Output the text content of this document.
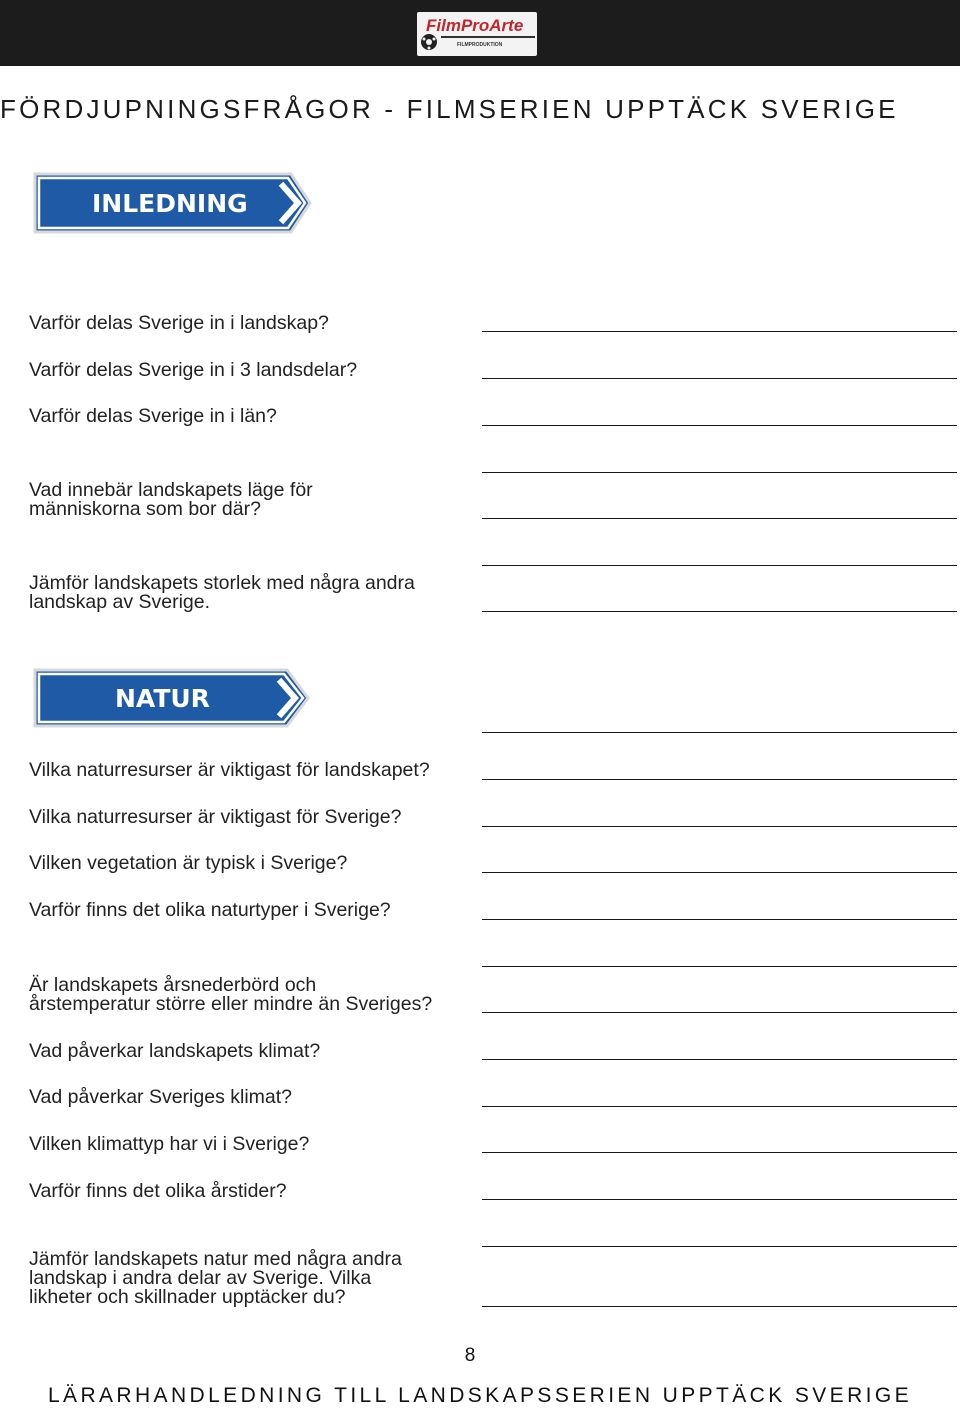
FilmProArte
FILMPRODUKTION
FÖRDJUPNINGSFRÅGOR - FILMSERIEN UPPTÄCK SVERIGE
INLEDNING
Varför delas Sverige in i landskap?
Varför delas Sverige in i 3 landsdelar?
Varför delas Sverige in i län?
Vad innebär landskapets läge för
människorna som bor där?
Jämför landskapets storlek med några andra
landskap av Sverige.
NATUR
Vilka naturresurser är viktigast för landskapet?
Vilka naturresurser är viktigast för Sverige?
Vilken vegetation är typisk i Sverige?
Varför finns det olika naturtyper i Sverige?
Är landskapets årsnederbörd och
årstemperatur större eller mindre än Sveriges?
Vad påverkar landskapets klimat?
Vad påverkar Sveriges klimat?
Vilken klimattyp har vi i Sverige?
Varför finns det olika årstider?
Jämför landskapets natur med några andra
landskap i andra delar av Sverige. Vilka
likheter och skillnader upptäcker du?
8
LÄRARHANDLEDNING TILL LANDSKAPSSERIEN UPPTÄCK SVERIGE
